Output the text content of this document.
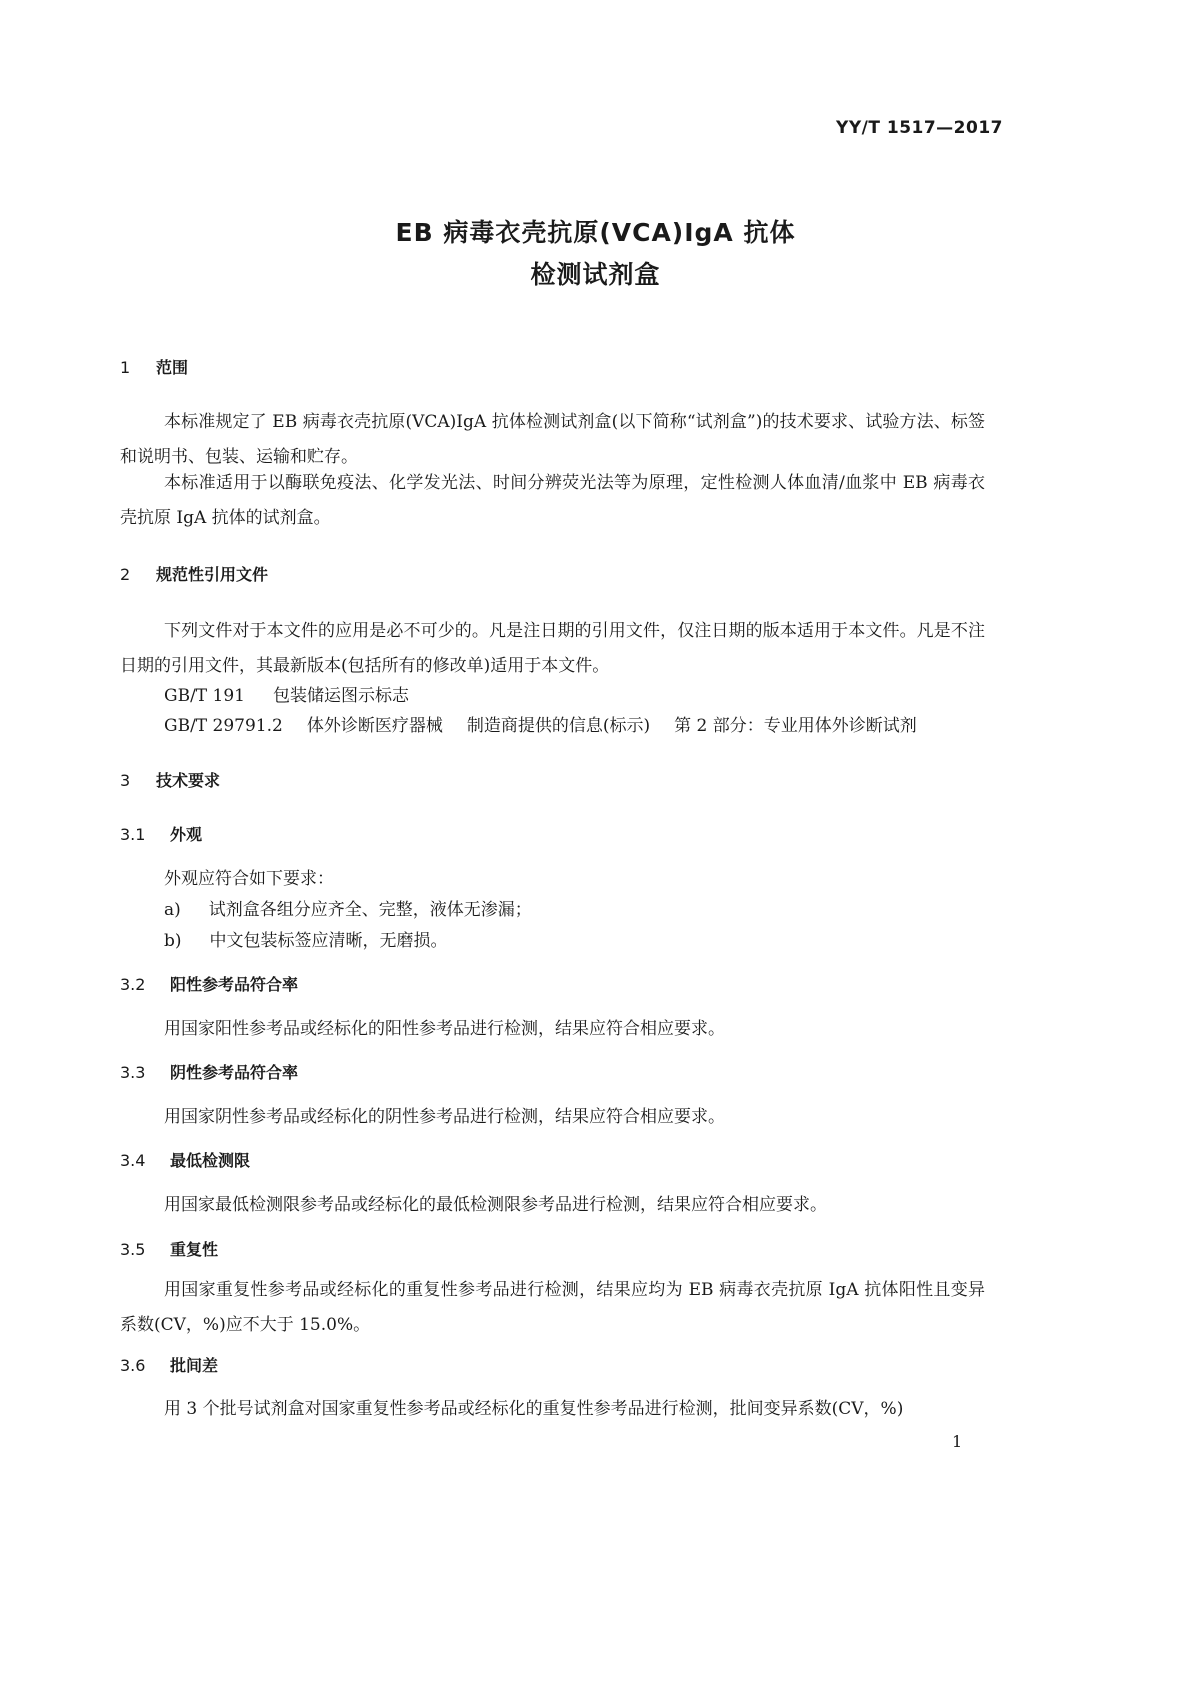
YY/T 1517—2017
EB 病毒衣壳抗原(VCA)IgA 抗体
检测试剂盒
1 范围
本标准规定了 EB 病毒衣壳抗原(VCA)IgA 抗体检测试剂盒(以下简称“试剂盒”)的技术要求、试验方法、标签和说明书、包装、运输和贮存。
本标准适用于以酶联免疫法、化学发光法、时间分辨荧光法等为原理，定性检测人体血清/血浆中 EB 病毒衣壳抗原 IgA 抗体的试剂盒。
2 规范性引用文件
下列文件对于本文件的应用是必不可少的。凡是注日期的引用文件，仅注日期的版本适用于本文件。凡是不注日期的引用文件，其最新版本(包括所有的修改单)适用于本文件。
GB/T 191 包装储运图示标志
GB/T 29791.2 体外诊断医疗器械 制造商提供的信息(标示) 第 2 部分：专业用体外诊断试剂
3 技术要求
3.1 外观
外观应符合如下要求：
a) 试剂盒各组分应齐全、完整，液体无渗漏；
b) 中文包装标签应清晰，无磨损。
3.2 阳性参考品符合率
用国家阳性参考品或经标化的阳性参考品进行检测，结果应符合相应要求。
3.3 阴性参考品符合率
用国家阴性参考品或经标化的阴性参考品进行检测，结果应符合相应要求。
3.4 最低检测限
用国家最低检测限参考品或经标化的最低检测限参考品进行检测，结果应符合相应要求。
3.5 重复性
用国家重复性参考品或经标化的重复性参考品进行检测，结果应均为 EB 病毒衣壳抗原 IgA 抗体阳性且变异系数(CV，%)应不大于 15.0%。
3.6 批间差
用 3 个批号试剂盒对国家重复性参考品或经标化的重复性参考品进行检测，批间变异系数(CV，%)
1
